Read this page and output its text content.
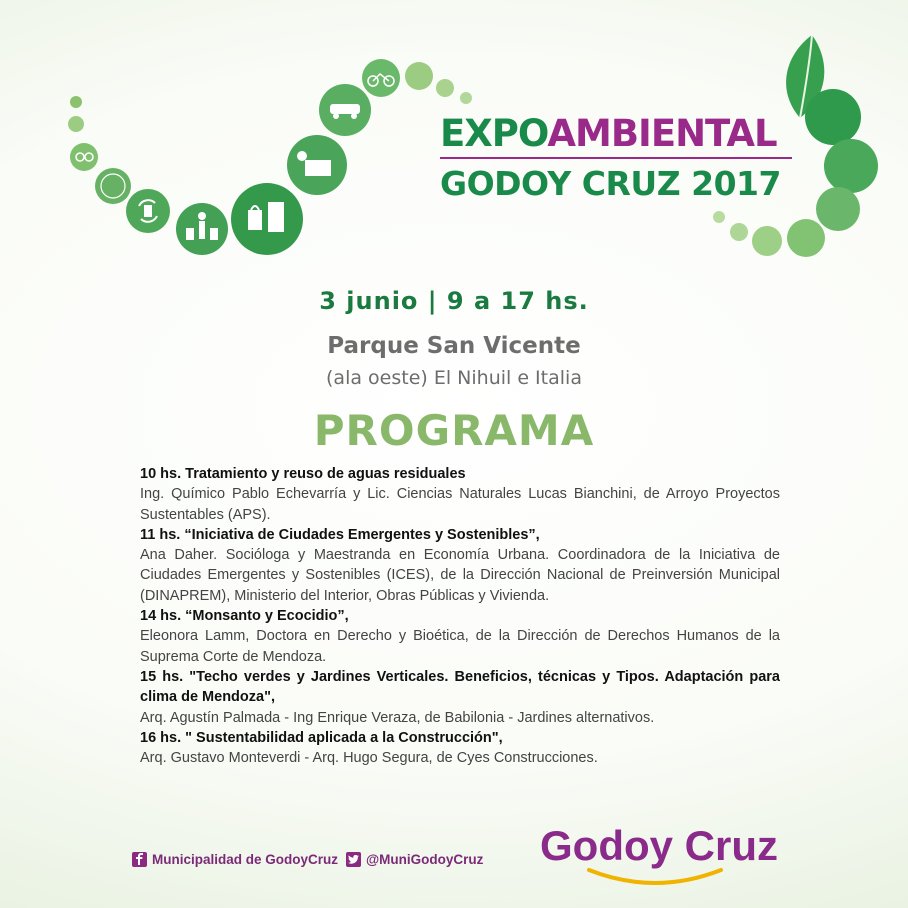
EXPOAMBIENTAL
GODOY CRUZ 2017
3 junio | 9 a 17 hs.
Parque San Vicente
(ala oeste) El Nihuil e Italia
PROGRAMA

10 hs. Tratamiento y reuso de aguas residuales

Ing. Químico Pablo Echevarría y Lic. Ciencias Naturales Lucas Bianchini, de Arroyo Proyectos Sustentables (APS).

11 hs. “Iniciativa de Ciudades Emergentes y Sostenibles”,

Ana Daher. Socióloga y Maestranda en Economía Urbana. Coordinadora de la Iniciativa de Ciudades Emergentes y Sostenibles (ICES), de la Dirección Nacional de Preinversión Municipal (DINAPREM), Ministerio del Interior, Obras Públicas y Vivienda.

14 hs. “Monsanto y Ecocidio”,

Eleonora Lamm, Doctora en Derecho y Bioética, de la Dirección de Derechos Humanos de la Suprema Corte de Mendoza.

15 hs. "Techo verdes y Jardines Verticales. Beneficios, técnicas y Tipos. Adaptación para clima de Mendoza",

Arq. Agustín Palmada - Ing Enrique Veraza, de Babilonia - Jardines alternativos.

16 hs. " Sustentabilidad aplicada a la Construcción",

Arq. Gustavo Monteverdi - Arq. Hugo Segura, de Cyes Construcciones.

Municipalidad de GodoyCruz @MuniGodoyCruz Godoy Cruz
